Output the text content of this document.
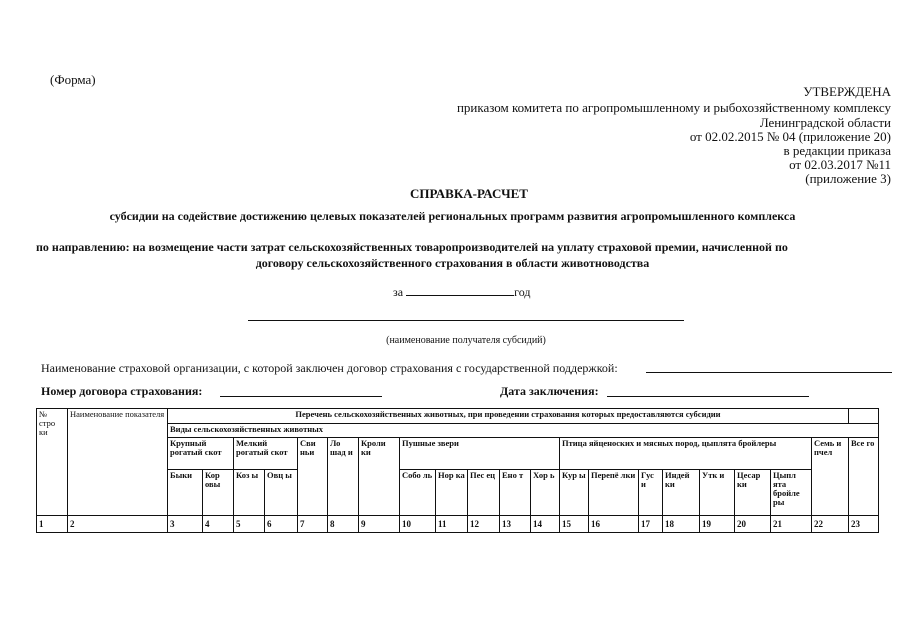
(Форма)
УТВЕРЖДЕНА
приказом комитета по агропромышленному и рыбохозяйственному комплексу
Ленинградской области
от 02.02.2015 № 04 (приложение 20)
в редакции приказа
от 02.03.2017 №11
(приложение 3)
СПРАВКА-РАСЧЕТ
субсидии на содействие достижению целевых показателей региональных программ развития агропромышленного комплекса
по направлению: на возмещение части затрат сельскохозяйственных товаропроизводителей на уплату страховой премии, начисленной по
договору сельскохозяйственного страхования в области животноводства
за	год
(наименование получателя субсидий)
Наименование страховой организации, с которой заключен договор страхования с государственной поддержкой:
Номер договора страхования:	Дата заключения:
№ стро ки	Наименование показателя	Перечень сельскохозяйственных животных, при проведении страхования которых предоставляются субсидии																				
		Виды сельскохозяйственных животных																				
		Крупный рогатый скот		Мелкий рогатый скот		Сви ньи	Ло шад и	Кроли ки	Пушные звери					Птица яйценоских и мясных пород, цыплята бройлеры							Семь и пчел	Все го
		Быки	Кор овы	Коз ы	Овц ы				Собо ль	Нор ка	Пес ец	Ено т	Хор ь	Кур ы	Перепё лки	Гус и	Индей ки	Утк и	Цесар ки	Цыпл ята бройле ры		
1	2	3	4	5	6	7	8	9	10	11	12	13	14	15	16	17	18	19	20	21	22	23
